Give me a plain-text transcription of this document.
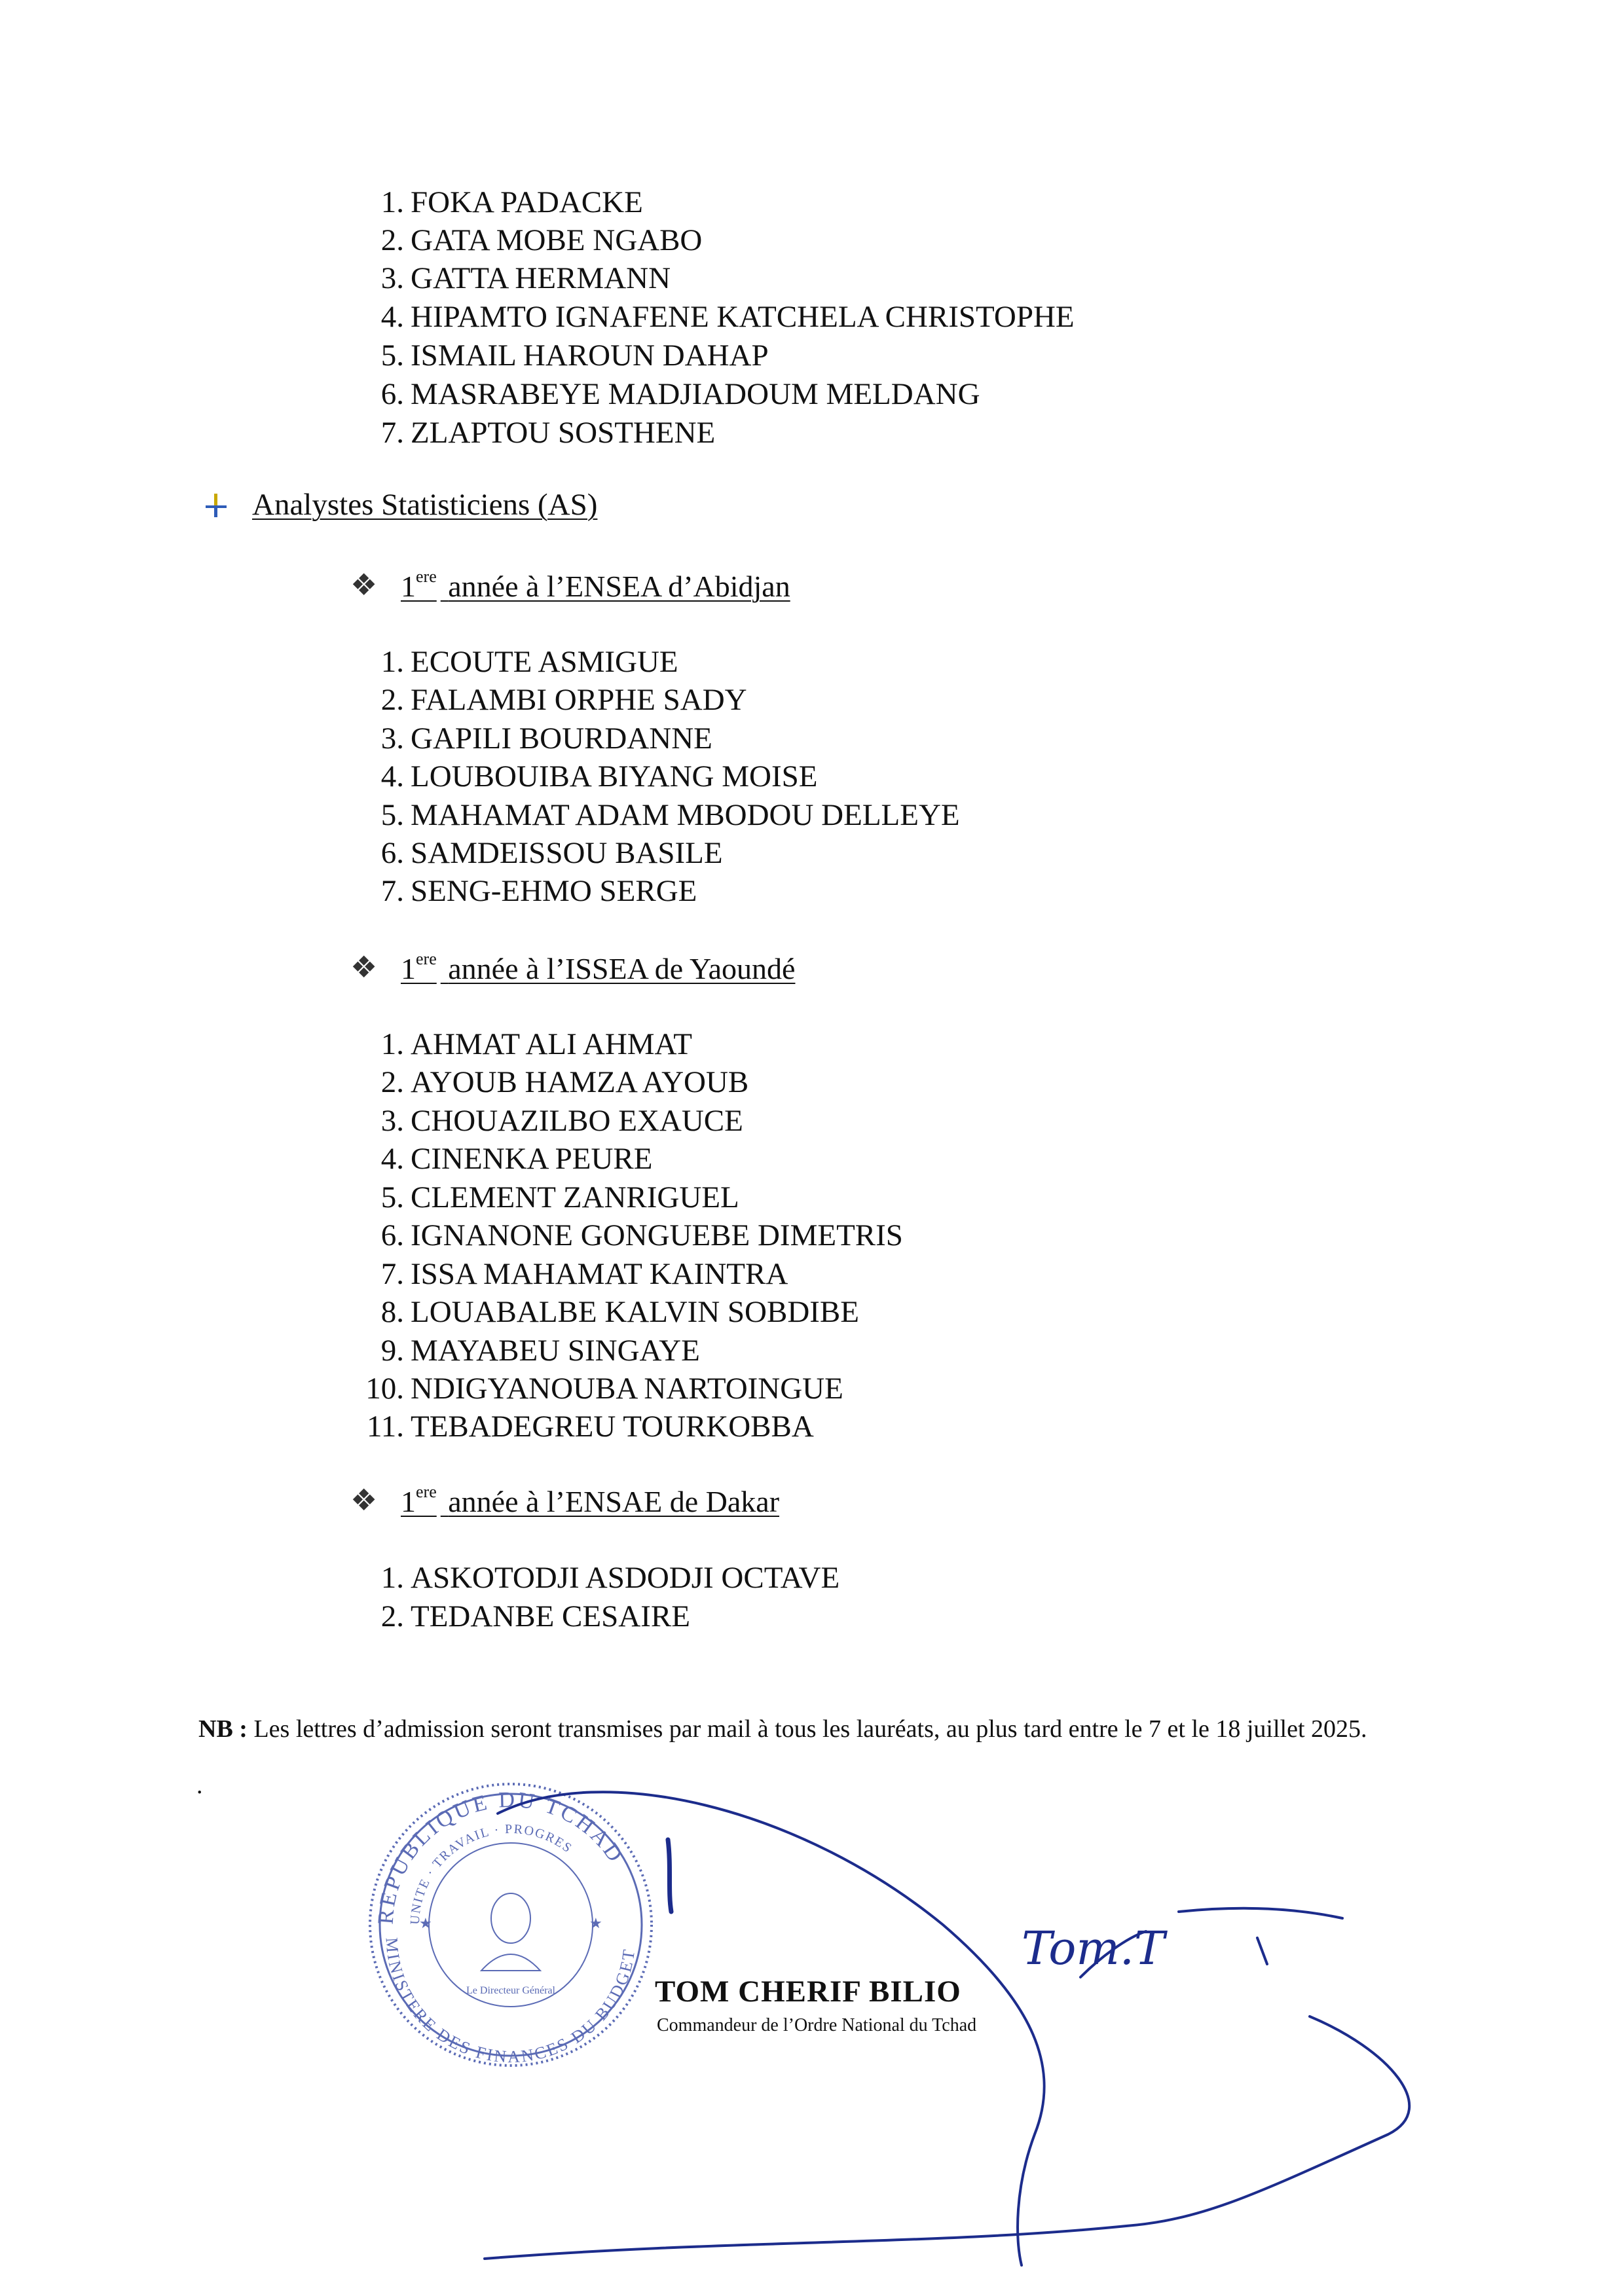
1. FOKA PADACKE
2. GATA MOBE NGABO
3. GATTA HERMANN
4. HIPAMTO IGNAFENE KATCHELA CHRISTOPHE
5. ISMAIL HAROUN DAHAP
6. MASRABEYE MADJIADOUM MELDANG
7. ZLAPTOU SOSTHENE
Analystes Statisticiens (AS)
❖ 1ere année à l’ENSEA d’Abidjan
1. ECOUTE ASMIGUE
2. FALAMBI ORPHE SADY
3. GAPILI BOURDANNE
4. LOUBOUIBA BIYANG MOISE
5. MAHAMAT ADAM MBODOU DELLEYE
6. SAMDEISSOU BASILE
7. SENG-EHMO SERGE
❖ 1ere année à l’ISSEA de Yaoundé
1. AHMAT ALI AHMAT
2. AYOUB HAMZA AYOUB
3. CHOUAZILBO EXAUCE
4. CINENKA PEURE
5. CLEMENT ZANRIGUEL
6. IGNANONE GONGUEBE DIMETRIS
7. ISSA MAHAMAT KAINTRA
8. LOUABALBE KALVIN SOBDIBE
9. MAYABEU SINGAYE
10. NDIGYANOUBA NARTOINGUE
11. TEBADEGREU TOURKOBBA
❖ 1ere année à l’ENSAE de Dakar
1. ASKOTODJI ASDODJI OCTAVE
2. TEDANBE CESAIRE
NB : Les lettres d’admission seront transmises par mail à tous les lauréats, au plus tard entre le 7 et le 18 juillet 2025.
.
REPUBLIQUE DU TCHAD
UNITE · TRAVAIL · PROGRES
MINISTERE DES FINANCES DU BUDGET
Le Directeur Général
★	★
TOM CHERIF BILIO
Commandeur de l’Ordre National du Tchad
Tom.T
